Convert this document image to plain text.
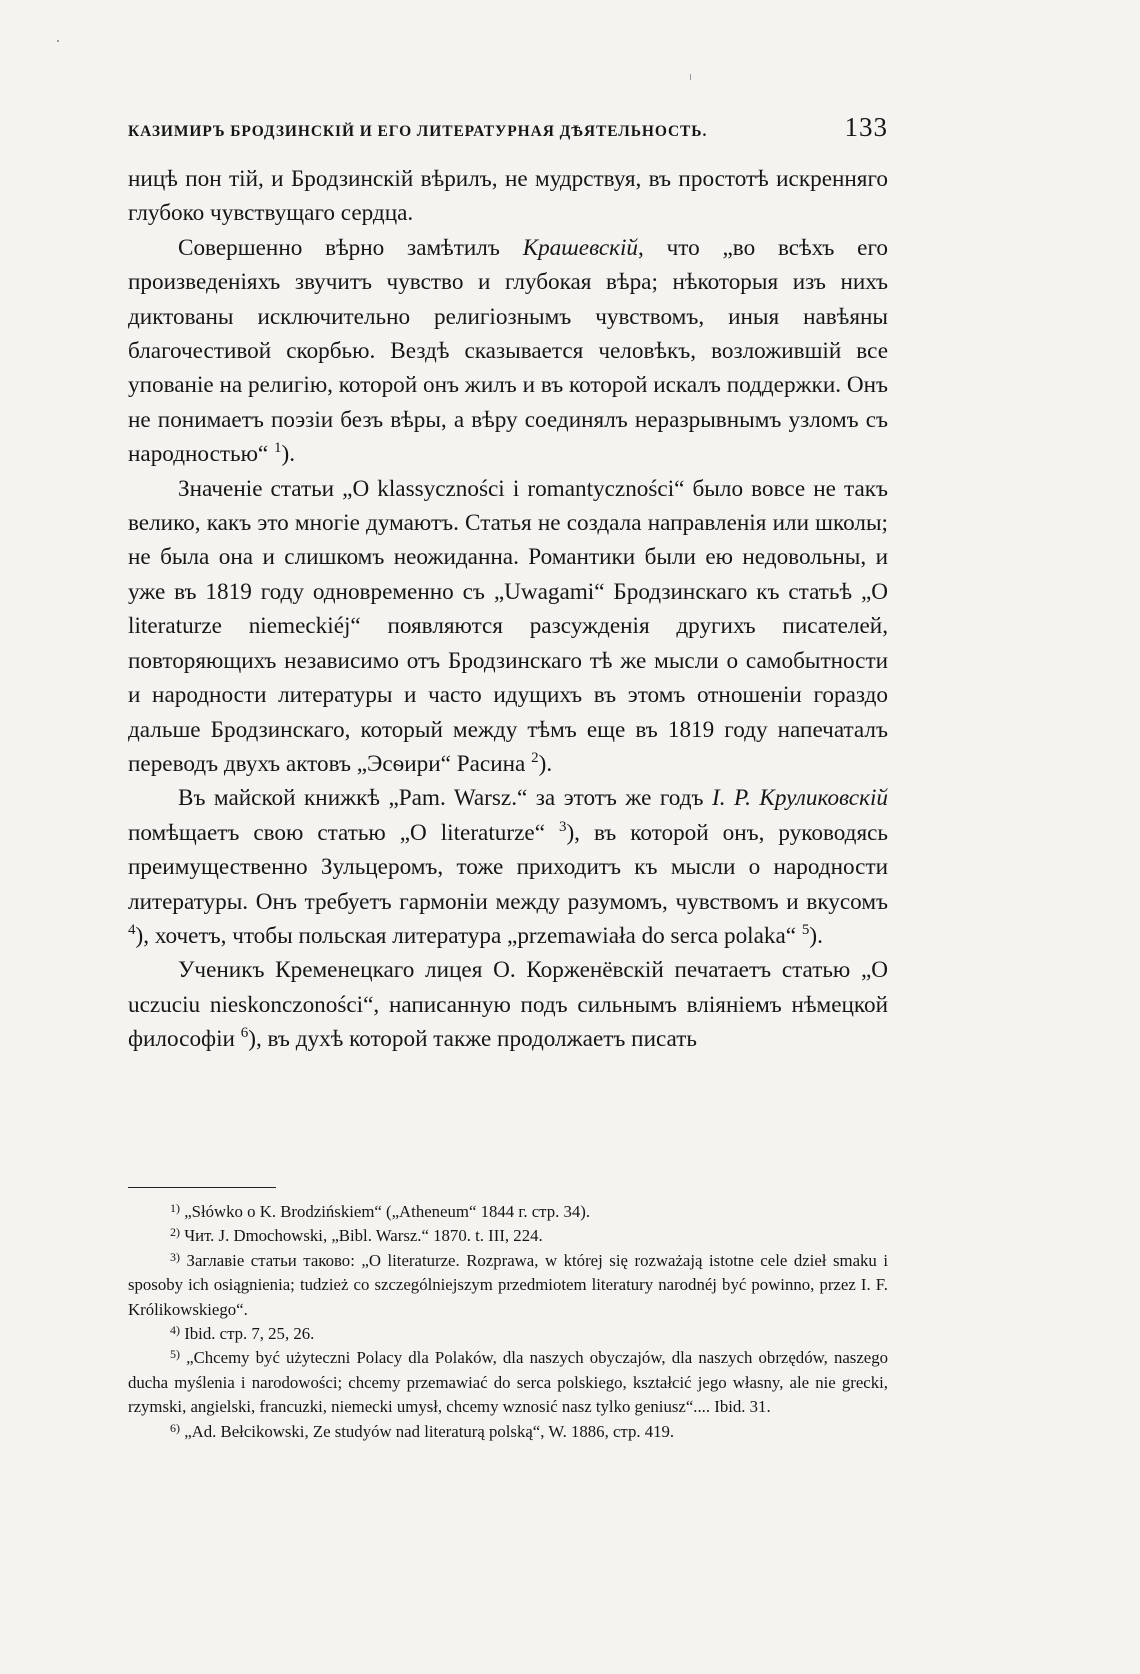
КАЗИМИРЪ БРОДЗИНСКІЙ И ЕГО ЛИТЕРАТУРНАЯ ДѢЯТЕЛЬНОСТЬ.	133

ницѣ пон тій, и Бродзинскій вѣрилъ, не мудрствуя, въ простотѣ искренняго глубоко чувствущаго сердца.

Совершенно вѣрно замѣтилъ Крашевскій, что „во всѣхъ его произведеніяхъ звучитъ чувство и глубокая вѣра; нѣкоторыя изъ нихъ диктованы исключительно религіознымъ чувствомъ, иныя навѣяны благочестивой скорбью. Вездѣ сказывается человѣкъ, возложившій все упованіе на религію, которой онъ жилъ и въ которой искалъ поддержки. Онъ не понимаетъ поэзіи безъ вѣры, а вѣру соединялъ неразрывнымъ узломъ съ народностью“ $^1$).

Значеніе статьи „O klassyczności i romantyczności“ было вовсе не такъ велико, какъ это многіе думаютъ. Статья не создала направленія или школы; не была она и слишкомъ неожиданна. Романтики были ею недовольны, и уже въ 1819 году одновременно съ „Uwagami“ Бродзинскаго къ статьѣ „O literaturze niemeckiéj“ появляются разсужденія другихъ писателей, повторяющихъ независимо отъ Бродзинскаго тѣ же мысли о самобытности и народности литературы и часто идущихъ въ этомъ отношеніи гораздо дальше Бродзинскаго, который между тѣмъ еще въ 1819 году напечаталъ переводъ двухъ актовъ „Эсѳири“ Расина $^2$).

Въ майской книжкѣ „Pam. Warsz.“ за этотъ же годъ I. P. Круликовскій помѣщаетъ свою статью „O literaturze“ $^3$), въ которой онъ, руководясь преимущественно Зульцеромъ, тоже приходитъ къ мысли о народности литературы. Онъ требуетъ гармоніи между разумомъ, чувствомъ и вкусомъ $^4$), хочетъ, чтобы польская литература „przemawiała do serca polaka“ $^5$).

Ученикъ Кременецкаго лицея О. Корженёвскій печатаетъ статью „O uczuciu nieskonczoności“, написанную подъ сильнымъ вліяніемъ нѣмецкой философіи $^6$), въ духѣ которой также продолжаетъ писать

$^{1)}$ „Słówko o K. Brodzińskiem“ („Atheneum“ 1844 г. стр. 34).

$^{2)}$ Чит. J. Dmochowski, „Bibl. Warsz.“ 1870. t. III, 224.

$^{3)}$ Заглавіе статьи таково: „O literaturze. Rozprawa, w której się rozważają istotne cele dzieł smaku i sposoby ich osiągnienia; tudzież co szczególniejszym przedmiotem literatury narodnéj być powinno, przez I. F. Królikowskiego“.

$^{4)}$ Ibid. стр. 7, 25, 26.

$^{5)}$ „Chcemy być użyteczni Polacy dla Polaków, dla naszych obyczajów, dla naszych obrzędów, naszego ducha myślenia i narodowości; chcemy przemawiać do serca polskiego, kształcić jego własny, ale nie grecki, rzymski, angielski, francuzki, niemecki umysł, chcemy wznosić nasz tylko geniusz“.... Ibid. 31.

$^{6)}$ „Ad. Bełcikowski, Ze studyów nad literaturą polską“, W. 1886, стр. 419.
